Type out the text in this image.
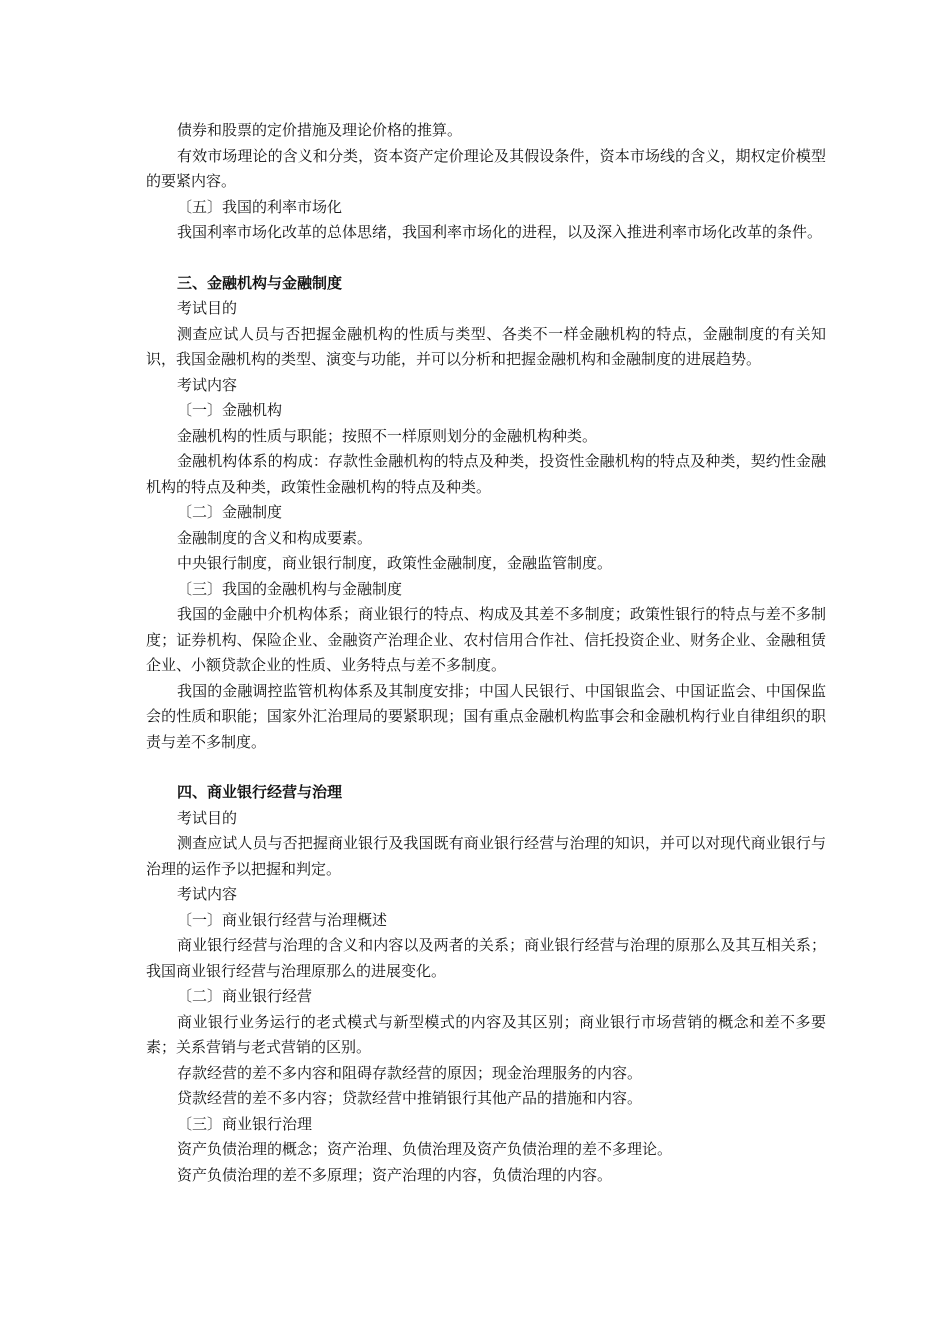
债券和股票的定价措施及理论价格的推算。
有效市场理论的含义和分类，资本资产定价理论及其假设条件，资本市场线的含义，期权定价模型的要紧内容。
〔五〕我国的利率市场化
我国利率市场化改革的总体思绪，我国利率市场化的进程，以及深入推进利率市场化改革的条件。
三、金融机构与金融制度
考试目的
测查应试人员与否把握金融机构的性质与类型、各类不一样金融机构的特点，金融制度的有关知识，我国金融机构的类型、演变与功能，并可以分析和把握金融机构和金融制度的进展趋势。
考试内容
〔一〕金融机构
金融机构的性质与职能；按照不一样原则划分的金融机构种类。
金融机构体系的构成：存款性金融机构的特点及种类，投资性金融机构的特点及种类，契约性金融机构的特点及种类，政策性金融机构的特点及种类。
〔二〕金融制度
金融制度的含义和构成要素。
中央银行制度，商业银行制度，政策性金融制度，金融监管制度。
〔三〕我国的金融机构与金融制度
我国的金融中介机构体系；商业银行的特点、构成及其差不多制度；政策性银行的特点与差不多制度；证券机构、保险企业、金融资产治理企业、农村信用合作社、信托投资企业、财务企业、金融租赁企业、小额贷款企业的性质、业务特点与差不多制度。
我国的金融调控监管机构体系及其制度安排；中国人民银行、中国银监会、中国证监会、中国保监会的性质和职能；国家外汇治理局的要紧职现；国有重点金融机构监事会和金融机构行业自律组织的职责与差不多制度。
四、商业银行经营与治理
考试目的
测查应试人员与否把握商业银行及我国既有商业银行经营与治理的知识，并可以对现代商业银行与治理的运作予以把握和判定。
考试内容
〔一〕商业银行经营与治理概述
商业银行经营与治理的含义和内容以及两者的关系；商业银行经营与治理的原那么及其互相关系；我国商业银行经营与治理原那么的进展变化。
〔二〕商业银行经营
商业银行业务运行的老式模式与新型模式的内容及其区别；商业银行市场营销的概念和差不多要素；关系营销与老式营销的区别。
存款经营的差不多内容和阻碍存款经营的原因；现金治理服务的内容。
贷款经营的差不多内容；贷款经营中推销银行其他产品的措施和内容。
〔三〕商业银行治理
资产负债治理的概念；资产治理、负债治理及资产负债治理的差不多理论。
资产负债治理的差不多原理；资产治理的内容，负债治理的内容。
